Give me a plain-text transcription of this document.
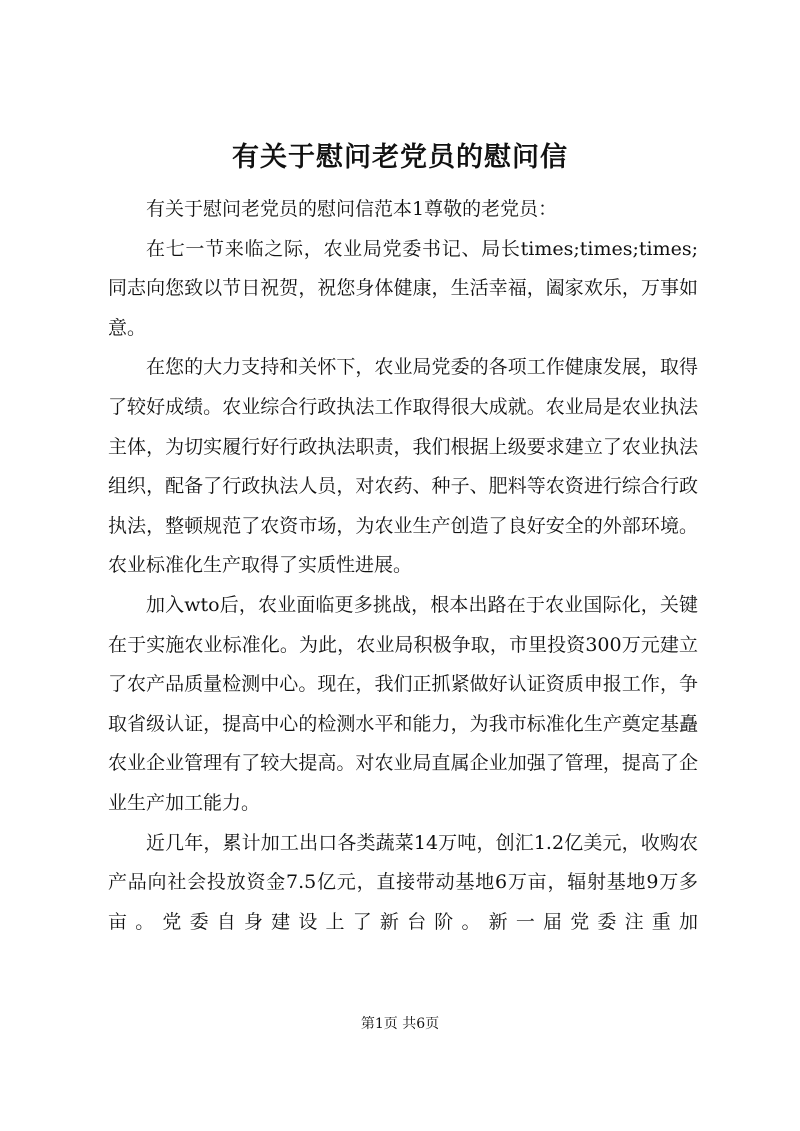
有关于慰问老党员的慰问信

有关于慰问老党员的慰问信范本1尊敬的老党员：

在七一节来临之际，农业局党委书记、局长times;times;times;同志向您致以节日祝贺，祝您身体健康，生活幸福，阖家欢乐，万事如意。

在您的大力支持和关怀下，农业局党委的各项工作健康发展，取得了较好成绩。农业综合行政执法工作取得很大成就。农业局是农业执法主体，为切实履行好行政执法职责，我们根据上级要求建立了农业执法组织，配备了行政执法人员，对农药、种子、肥料等农资进行综合行政执法，整顿规范了农资市场，为农业生产创造了良好安全的外部环境。农业标准化生产取得了实质性进展。

加入wto后，农业面临更多挑战，根本出路在于农业国际化，关键在于实施农业标准化。为此，农业局积极争取，市里投资300万元建立了农产品质量检测中心。现在，我们正抓紧做好认证资质申报工作，争取省级认证，提高中心的检测水平和能力，为我市标准化生产奠定基矗农业企业管理有了较大提高。对农业局直属企业加强了管理，提高了企业生产加工能力。

近几年，累计加工出口各类蔬菜14万吨，创汇1.2亿美元，收购农产品向社会投放资金7.5亿元，直接带动基地6万亩，辐射基地9万多亩。党委自身建设上了新台阶。新一届党委注重加

第1页 共6页
